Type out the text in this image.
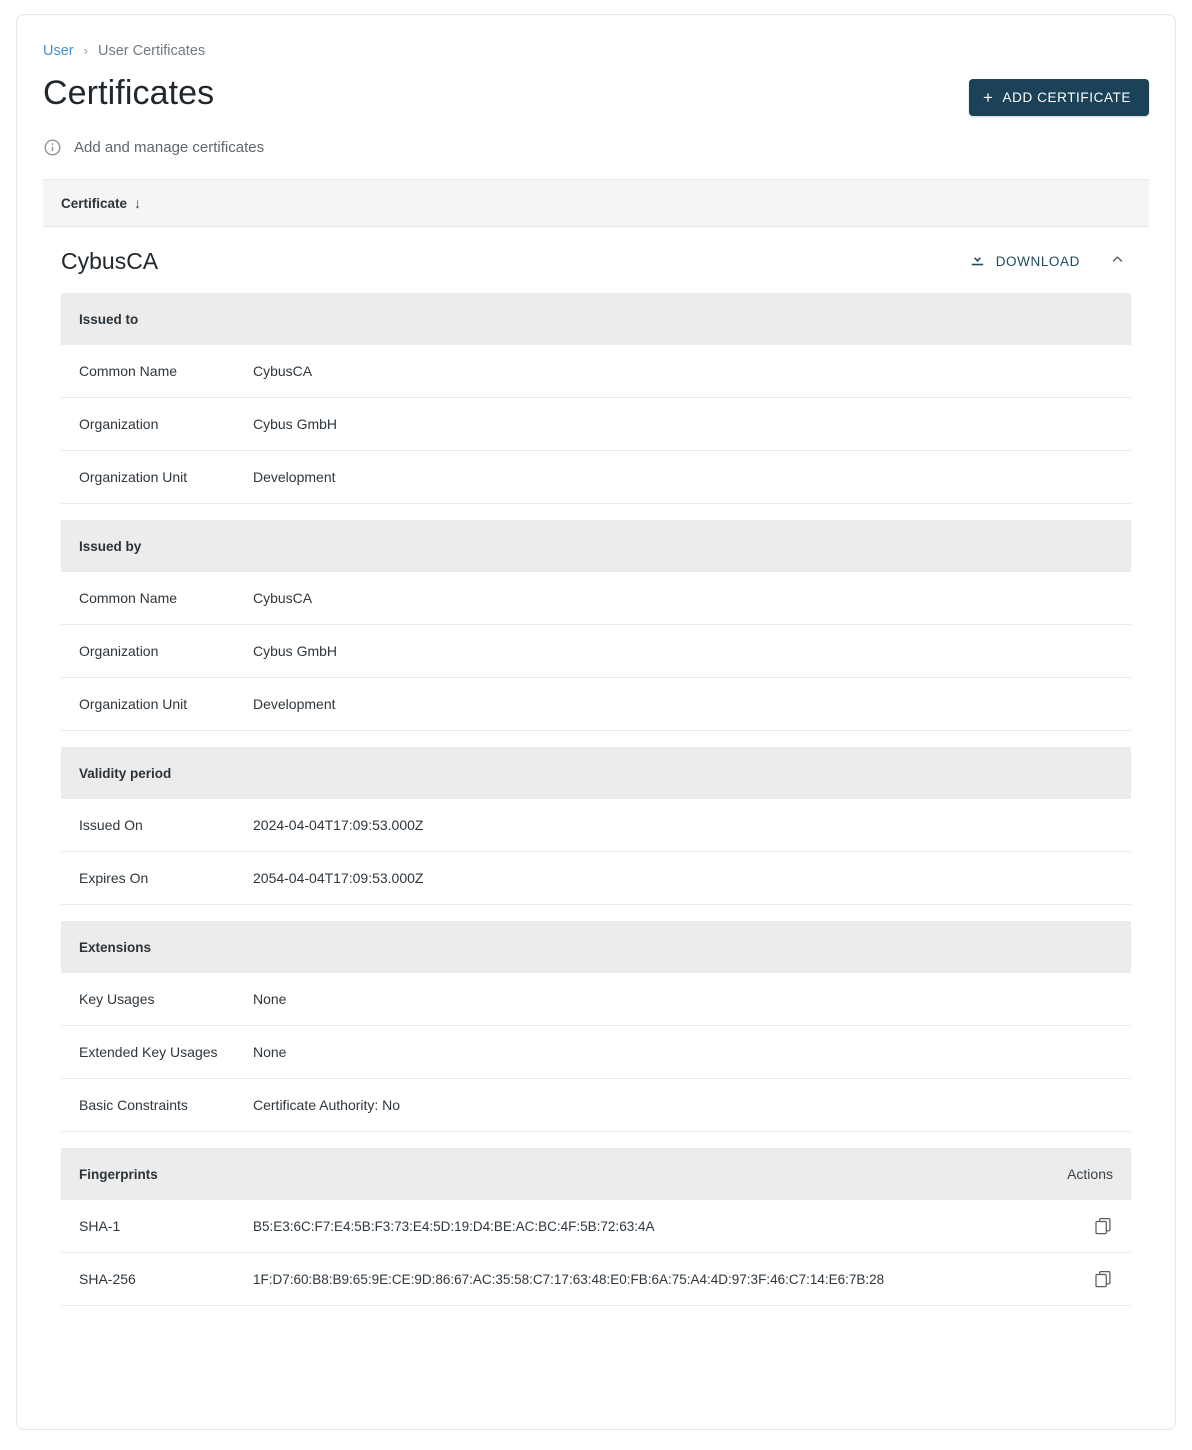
User › User Certificates
Certificates	+ ADD CERTIFICATE
Add and manage certificates
Certificate ↓
CybusCA	DOWNLOAD
Issued to
Common Name	CybusCA
Organization	Cybus GmbH
Organization Unit	Development
Issued by
Common Name	CybusCA
Organization	Cybus GmbH
Organization Unit	Development
Validity period
Issued On	2024-04-04T17:09:53.000Z
Expires On	2054-04-04T17:09:53.000Z
Extensions
Key Usages	None
Extended Key Usages	None
Basic Constraints	Certificate Authority: No
Fingerprints	Actions
SHA-1	B5:E3:6C:F7:E4:5B:F3:73:E4:5D:19:D4:BE:AC:BC:4F:5B:72:63:4A
SHA-256	1F:D7:60:B8:B9:65:9E:CE:9D:86:67:AC:35:58:C7:17:63:48:E0:FB:6A:75:A4:4D:97:3F:46:C7:14:E6:7B:28
